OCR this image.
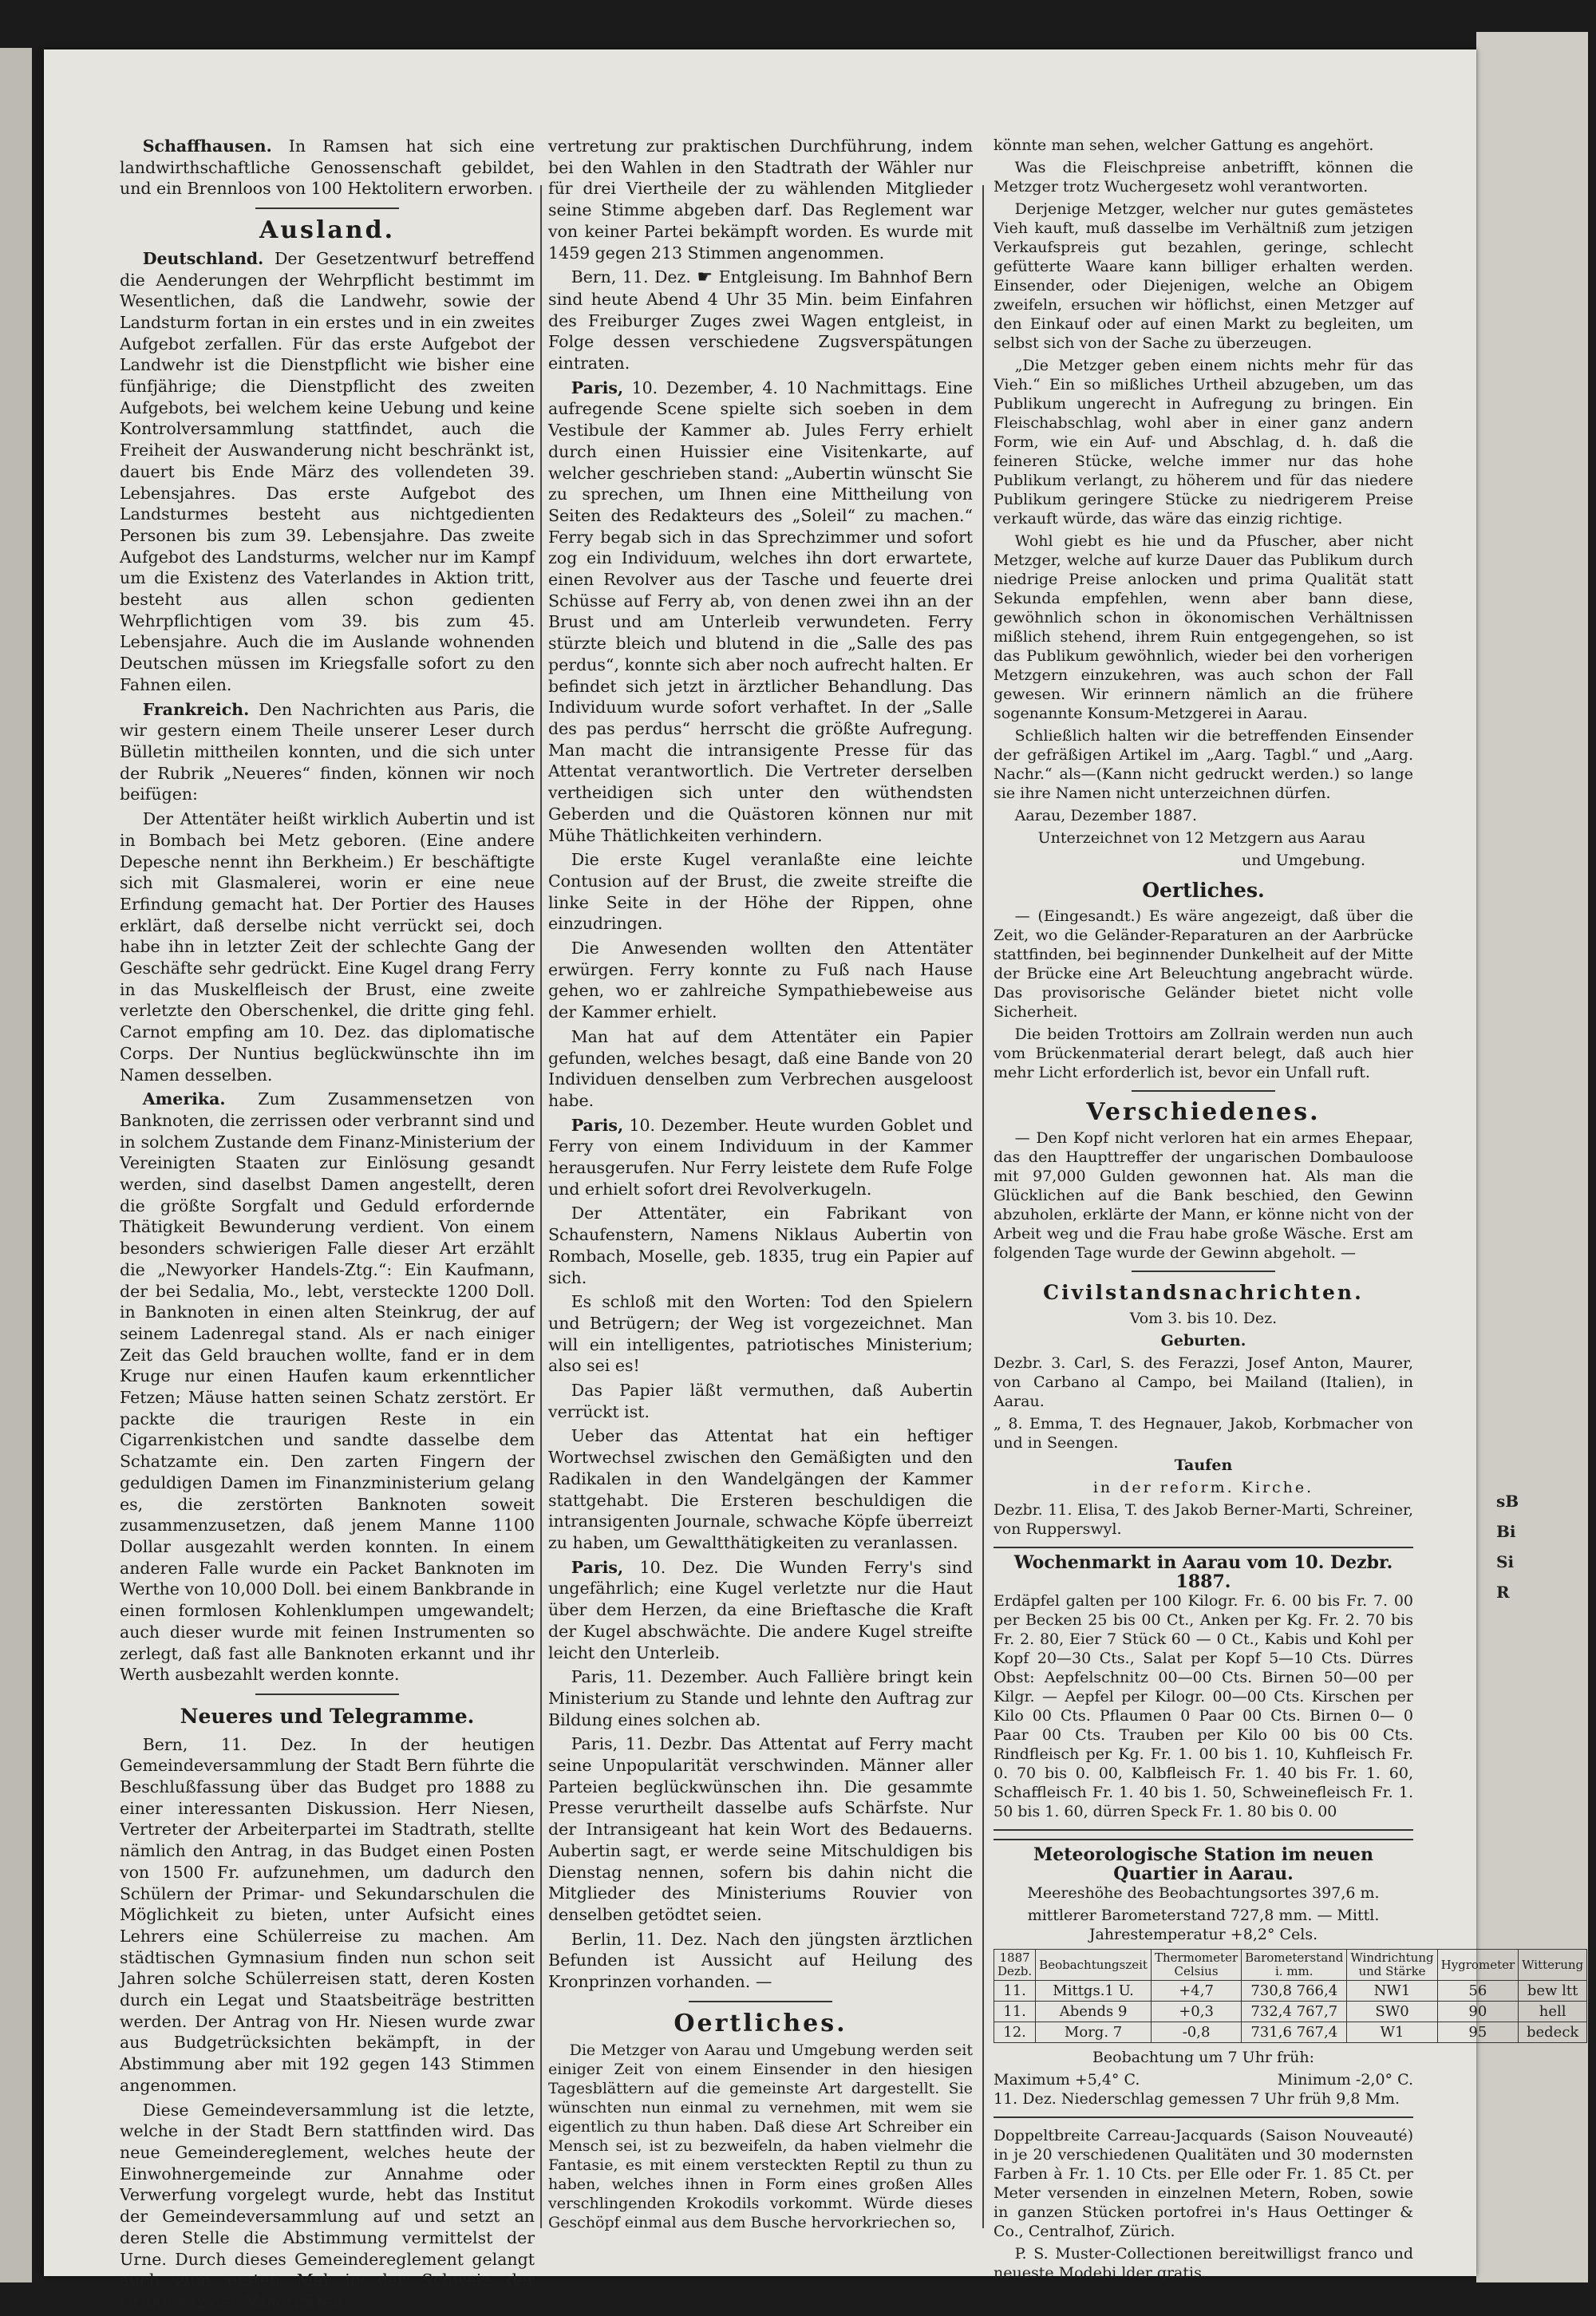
Schaffhausen. In Ramsen hat sich eine landwirthschaftliche Genossenschaft gebildet, und ein Brennloos von 100 Hektolitern erworben.

Ausland.

Deutschland. Der Gesetzentwurf betreffend die Aenderungen der Wehrpflicht bestimmt im Wesentlichen, daß die Landwehr, sowie der Landsturm fortan in ein erstes und in ein zweites Aufgebot zerfallen. Für das erste Aufgebot der Landwehr ist die Dienstpflicht wie bisher eine fünfjährige; die Dienstpflicht des zweiten Aufgebots, bei welchem keine Uebung und keine Kontrolversammlung stattfindet, auch die Freiheit der Auswanderung nicht beschränkt ist, dauert bis Ende März des vollendeten 39. Lebensjahres. Das erste Aufgebot des Landsturmes besteht aus nichtgedienten Personen bis zum 39. Lebensjahre. Das zweite Aufgebot des Landsturms, welcher nur im Kampf um die Existenz des Vaterlandes in Aktion tritt, besteht aus allen schon gedienten Wehrpflichtigen vom 39. bis zum 45. Lebensjahre. Auch die im Auslande wohnenden Deutschen müssen im Kriegsfalle sofort zu den Fahnen eilen.

Frankreich. Den Nachrichten aus Paris, die wir gestern einem Theile unserer Leser durch Bülletin mittheilen konnten, und die sich unter der Rubrik „Neueres“ finden, können wir noch beifügen:

Der Attentäter heißt wirklich Aubertin und ist in Bombach bei Metz geboren. (Eine andere Depesche nennt ihn Berkheim.) Er beschäftigte sich mit Glasmalerei, worin er eine neue Erfindung gemacht hat. Der Portier des Hauses erklärt, daß derselbe nicht verrückt sei, doch habe ihn in letzter Zeit der schlechte Gang der Geschäfte sehr gedrückt. Eine Kugel drang Ferry in das Muskelfleisch der Brust, eine zweite verletzte den Oberschenkel, die dritte ging fehl. Carnot empfing am 10. Dez. das diplomatische Corps. Der Nuntius beglückwünschte ihn im Namen desselben.

Amerika. Zum Zusammensetzen von Banknoten, die zerrissen oder verbrannt sind und in solchem Zustande dem Finanz-Ministerium der Vereinigten Staaten zur Einlösung gesandt werden, sind daselbst Damen angestellt, deren die größte Sorgfalt und Geduld erfordernde Thätigkeit Bewunderung verdient. Von einem besonders schwierigen Falle dieser Art erzählt die „Newyorker Handels-Ztg.“: Ein Kaufmann, der bei Sedalia, Mo., lebt, versteckte 1200 Doll. in Banknoten in einen alten Steinkrug, der auf seinem Ladenregal stand. Als er nach einiger Zeit das Geld brauchen wollte, fand er in dem Kruge nur einen Haufen kaum erkenntlicher Fetzen; Mäuse hatten seinen Schatz zerstört. Er packte die traurigen Reste in ein Cigarrenkistchen und sandte dasselbe dem Schatzamte ein. Den zarten Fingern der geduldigen Damen im Finanzministerium gelang es, die zerstörten Banknoten soweit zusammenzusetzen, daß jenem Manne 1100 Dollar ausgezahlt werden konnten. In einem anderen Falle wurde ein Packet Banknoten im Werthe von 10,000 Doll. bei einem Bankbrande in einen formlosen Kohlenklumpen umgewandelt; auch dieser wurde mit feinen Instrumenten so zerlegt, daß fast alle Banknoten erkannt und ihr Werth ausbezahlt werden konnte.

Neueres und Telegramme.

Bern, 11. Dez. In der heutigen Gemeindeversammlung der Stadt Bern führte die Beschlußfassung über das Budget pro 1888 zu einer interessanten Diskussion. Herr Niesen, Vertreter der Arbeiterpartei im Stadtrath, stellte nämlich den Antrag, in das Budget einen Posten von 1500 Fr. aufzunehmen, um dadurch den Schülern der Primar- und Sekundarschulen die Möglichkeit zu bieten, unter Aufsicht eines Lehrers eine Schülerreise zu machen. Am städtischen Gymnasium finden nun schon seit Jahren solche Schülerreisen statt, deren Kosten durch ein Legat und Staatsbeiträge bestritten werden. Der Antrag von Hr. Niesen wurde zwar aus Budgetrücksichten bekämpft, in der Abstimmung aber mit 192 gegen 143 Stimmen angenommen.

Diese Gemeindeversammlung ist die letzte, welche in der Stadt Bern stattfinden wird. Das neue Gemeindereglement, welches heute der Einwohnergemeinde zur Annahme oder Verwerfung vorgelegt wurde, hebt das Institut der Gemeindeversammlung auf und setzt an deren Stelle die Abstimmung vermittelst der Urne. Durch dieses Gemeindereglement gelangt auch zum ersten Mal in der Schweiz der Grundsatz der Minoritäten-

vertretung zur praktischen Durchführung, indem bei den Wahlen in den Stadtrath der Wähler nur für drei Viertheile der zu wählenden Mitglieder seine Stimme abgeben darf. Das Reglement war von keiner Partei bekämpft worden. Es wurde mit 1459 gegen 213 Stimmen angenommen.

Bern, 11. Dez. ☛ Entgleisung. Im Bahnhof Bern sind heute Abend 4 Uhr 35 Min. beim Einfahren des Freiburger Zuges zwei Wagen entgleist, in Folge dessen verschiedene Zugsverspätungen eintraten.

Paris, 10. Dezember, 4. 10 Nachmittags. Eine aufregende Scene spielte sich soeben in dem Vestibule der Kammer ab. Jules Ferry erhielt durch einen Huissier eine Visitenkarte, auf welcher geschrieben stand: „Aubertin wünscht Sie zu sprechen, um Ihnen eine Mittheilung von Seiten des Redakteurs des „Soleil“ zu machen.“ Ferry begab sich in das Sprechzimmer und sofort zog ein Individuum, welches ihn dort erwartete, einen Revolver aus der Tasche und feuerte drei Schüsse auf Ferry ab, von denen zwei ihn an der Brust und am Unterleib verwundeten. Ferry stürzte bleich und blutend in die „Salle des pas perdus“, konnte sich aber noch aufrecht halten. Er befindet sich jetzt in ärztlicher Behandlung. Das Individuum wurde sofort verhaftet. In der „Salle des pas perdus“ herrscht die größte Aufregung. Man macht die intransigente Presse für das Attentat verantwortlich. Die Vertreter derselben vertheidigen sich unter den wüthendsten Geberden und die Quästoren können nur mit Mühe Thätlichkeiten verhindern.

Die erste Kugel veranlaßte eine leichte Contusion auf der Brust, die zweite streifte die linke Seite in der Höhe der Rippen, ohne einzudringen.

Die Anwesenden wollten den Attentäter erwürgen. Ferry konnte zu Fuß nach Hause gehen, wo er zahlreiche Sympathiebeweise aus der Kammer erhielt.

Man hat auf dem Attentäter ein Papier gefunden, welches besagt, daß eine Bande von 20 Individuen denselben zum Verbrechen ausgeloost habe.

Paris, 10. Dezember. Heute wurden Goblet und Ferry von einem Individuum in der Kammer herausgerufen. Nur Ferry leistete dem Rufe Folge und erhielt sofort drei Revolverkugeln.

Der Attentäter, ein Fabrikant von Schaufenstern, Namens Niklaus Aubertin von Rombach, Moselle, geb. 1835, trug ein Papier auf sich.

Es schloß mit den Worten: Tod den Spielern und Betrügern; der Weg ist vorgezeichnet. Man will ein intelligentes, patriotisches Ministerium; also sei es!

Das Papier läßt vermuthen, daß Aubertin verrückt ist.

Ueber das Attentat hat ein heftiger Wortwechsel zwischen den Gemäßigten und den Radikalen in den Wandelgängen der Kammer stattgehabt. Die Ersteren beschuldigen die intransigenten Journale, schwache Köpfe überreizt zu haben, um Gewaltthätigkeiten zu veranlassen.

Paris, 10. Dez. Die Wunden Ferry's sind ungefährlich; eine Kugel verletzte nur die Haut über dem Herzen, da eine Brieftasche die Kraft der Kugel abschwächte. Die andere Kugel streifte leicht den Unterleib.

Paris, 11. Dezember. Auch Fallière bringt kein Ministerium zu Stande und lehnte den Auftrag zur Bildung eines solchen ab.

Paris, 11. Dezbr. Das Attentat auf Ferry macht seine Unpopularität verschwinden. Männer aller Parteien beglückwünschen ihn. Die gesammte Presse verurtheilt dasselbe aufs Schärfste. Nur der Intransigeant hat kein Wort des Bedauerns. Aubertin sagt, er werde seine Mitschuldigen bis Dienstag nennen, sofern bis dahin nicht die Mitglieder des Ministeriums Rouvier von denselben getödtet seien.

Berlin, 11. Dez. Nach den jüngsten ärztlichen Befunden ist Aussicht auf Heilung des Kronprinzen vorhanden. —

Oertliches.

Die Metzger von Aarau und Umgebung werden seit einiger Zeit von einem Einsender in den hiesigen Tagesblättern auf die gemeinste Art dargestellt. Sie wünschten nun einmal zu vernehmen, mit wem sie eigentlich zu thun haben. Daß diese Art Schreiber ein Mensch sei, ist zu bezweifeln, da haben vielmehr die Fantasie, es mit einem versteckten Reptil zu thun zu haben, welches ihnen in Form eines großen Alles verschlingenden Krokodils vorkommt. Würde dieses Geschöpf einmal aus dem Busche hervorkriechen so,

könnte man sehen, welcher Gattung es angehört.

Was die Fleischpreise anbetrifft, können die Metzger trotz Wuchergesetz wohl verantworten.

Derjenige Metzger, welcher nur gutes gemästetes Vieh kauft, muß dasselbe im Verhältniß zum jetzigen Verkaufspreis gut bezahlen, geringe, schlecht gefütterte Waare kann billiger erhalten werden. Einsender, oder Diejenigen, welche an Obigem zweifeln, ersuchen wir höflichst, einen Metzger auf den Einkauf oder auf einen Markt zu begleiten, um selbst sich von der Sache zu überzeugen.

„Die Metzger geben einem nichts mehr für das Vieh.“ Ein so mißliches Urtheil abzugeben, um das Publikum ungerecht in Aufregung zu bringen. Ein Fleischabschlag, wohl aber in einer ganz andern Form, wie ein Auf- und Abschlag, d. h. daß die feineren Stücke, welche immer nur das hohe Publikum verlangt, zu höherem und für das niedere Publikum geringere Stücke zu niedrigerem Preise verkauft würde, das wäre das einzig richtige.

Wohl giebt es hie und da Pfuscher, aber nicht Metzger, welche auf kurze Dauer das Publikum durch niedrige Preise anlocken und prima Qualität statt Sekunda empfehlen, wenn aber bann diese, gewöhnlich schon in ökonomischen Verhältnissen mißlich stehend, ihrem Ruin entgegengehen, so ist das Publikum gewöhnlich, wieder bei den vorherigen Metzgern einzukehren, was auch schon der Fall gewesen. Wir erinnern nämlich an die frühere sogenannte Konsum-Metzgerei in Aarau.

Schließlich halten wir die betreffenden Einsender der gefräßigen Artikel im „Aarg. Tagbl.“ und „Aarg. Nachr.“ als—(Kann nicht gedruckt werden.) so lange sie ihre Namen nicht unterzeichnen dürfen.

Aarau, Dezember 1887.

Unterzeichnet von 12 Metzgern aus Aarau

und Umgebung.

Oertliches.

— (Eingesandt.) Es wäre angezeigt, daß über die Zeit, wo die Geländer-Reparaturen an der Aarbrücke stattfinden, bei beginnender Dunkelheit auf der Mitte der Brücke eine Art Beleuchtung angebracht würde. Das provisorische Geländer bietet nicht volle Sicherheit.

Die beiden Trottoirs am Zollrain werden nun auch vom Brückenmaterial derart belegt, daß auch hier mehr Licht erforderlich ist, bevor ein Unfall ruft.

Verschiedenes.

— Den Kopf nicht verloren hat ein armes Ehepaar, das den Haupttreffer der ungarischen Dombauloose mit 97,000 Gulden gewonnen hat. Als man die Glücklichen auf die Bank beschied, den Gewinn abzuholen, erklärte der Mann, er könne nicht von der Arbeit weg und die Frau habe große Wäsche. Erst am folgenden Tage wurde der Gewinn abgeholt. —

Civilstandsnachrichten.

Vom 3. bis 10. Dez.

Geburten.

Dezbr. 3. Carl, S. des Ferazzi, Josef Anton, Maurer, von Carbano al Campo, bei Mailand (Italien), in Aarau.

„ 8. Emma, T. des Hegnauer, Jakob, Korbmacher von und in Seengen.

Taufen

in der reform. Kirche.

Dezbr. 11. Elisa, T. des Jakob Berner-Marti, Schreiner, von Rupperswyl.

Wochenmarkt in Aarau vom 10. Dezbr. 1887.

Erdäpfel galten per 100 Kilogr. Fr. 6. 00 bis Fr. 7. 00 per Becken 25 bis 00 Ct., Anken per Kg. Fr. 2. 70 bis Fr. 2. 80, Eier 7 Stück 60 — 0 Ct., Kabis und Kohl per Kopf 20—30 Cts., Salat per Kopf 5—10 Cts. Dürres Obst: Aepfelschnitz 00—00 Cts. Birnen 50—00 per Kilgr. — Aepfel per Kilogr. 00—00 Cts. Kirschen per Kilo 00 Cts. Pflaumen 0 Paar 00 Cts. Birnen 0— 0 Paar 00 Cts. Trauben per Kilo 00 bis 00 Cts. Rindfleisch per Kg. Fr. 1. 00 bis 1. 10, Kuhfleisch Fr. 0. 70 bis 0. 00, Kalbfleisch Fr. 1. 40 bis Fr. 1. 60, Schaffleisch Fr. 1. 40 bis 1. 50, Schweinefleisch Fr. 1. 50 bis 1. 60, dürren Speck Fr. 1. 80 bis 0. 00

Meteorologische Station im neuen Quartier in Aarau.

Meereshöhe des Beobachtungsortes 397,6 m.

mittlerer Barometerstand 727,8 mm. — Mittl. Jahrestemperatur +8,2° Cels.

1887 Dezb.	Beobachtungszeit	Thermometer Celsius	Barometerstand i. mm.	Windrichtung und Stärke	Hygrometer	Witterung
11.	Mittgs.1 U.	+4,7	730,8 766,4	NW1	56	bew ltt
11.	Abends 9	+0,3	732,4 767,7	SW0	90	hell
12.	Morg. 7	-0,8	731,6 767,4	W1	95	bedeck

Beobachtung um 7 Uhr früh:

Maximum +5,4° C.	Minimum -2,0° C.

11. Dez. Niederschlag gemessen 7 Uhr früh 9,8 Mm.

Doppeltbreite Carreau-Jacquards (Saison Nouveauté) in je 20 verschiedenen Qualitäten und 30 modernsten Farben à Fr. 1. 10 Cts. per Elle oder Fr. 1. 85 Ct. per Meter versenden in einzelnen Metern, Roben, sowie in ganzen Stücken portofrei in's Haus Oettinger & Co., Centralhof, Zürich.

P. S. Muster-Collectionen bereitwilligst franco und neueste Modebi lder gratis.

sB Bi Si R
